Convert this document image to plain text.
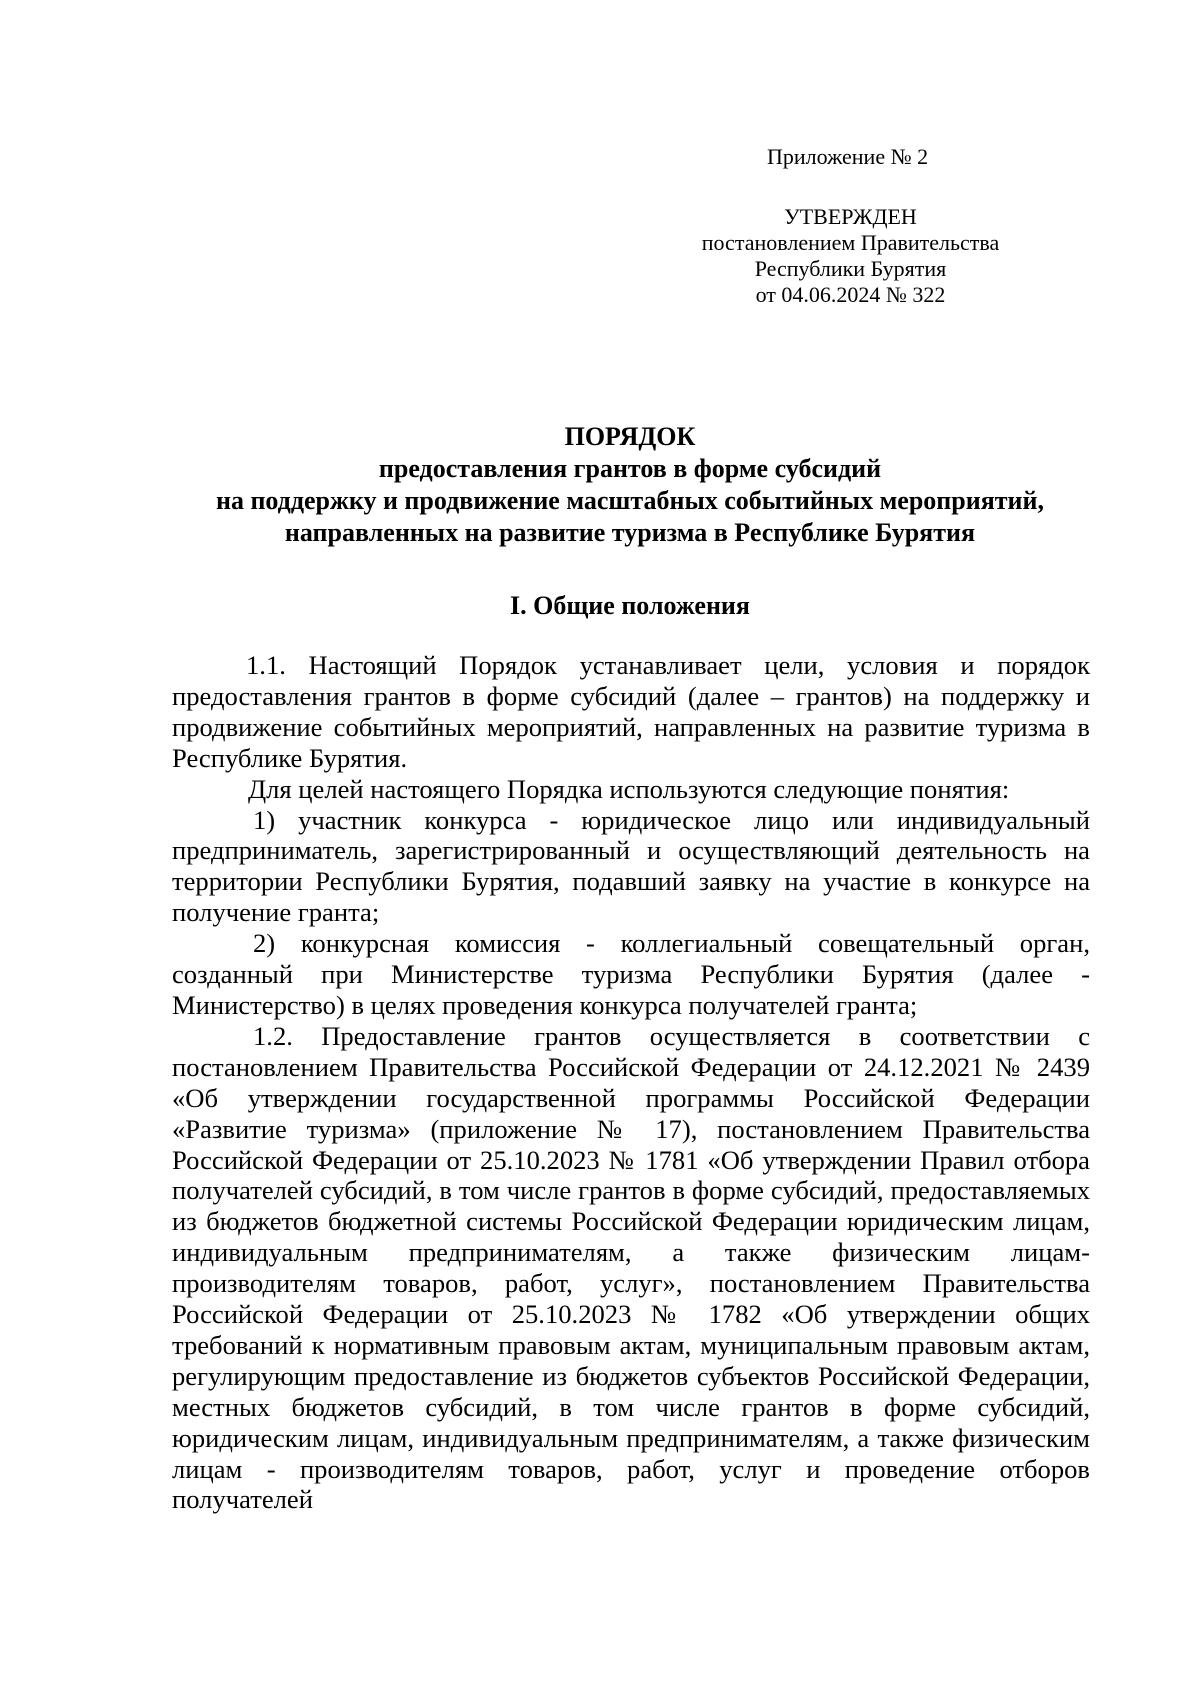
Приложение № 2
УТВЕРЖДЕН
постановлением Правительства
Республики Бурятия
от 04.06.2024 № 322
ПОРЯДОК
предоставления грантов в форме субсидий
на поддержку и продвижение масштабных событийных мероприятий,
направленных на развитие туризма в Республике Бурятия
I. Общие положения

1.1. Настоящий Порядок устанавливает цели, условия и порядок предоставления грантов в форме субсидий (далее – грантов) на поддержку и продвижение событийных мероприятий, направленных на развитие туризма в Республике Бурятия.

Для целей настоящего Порядка используются следующие понятия:

1) участник конкурса - юридическое лицо или индивидуальный предприниматель, зарегистрированный и осуществляющий деятельность на территории Республики Бурятия, подавший заявку на участие в конкурсе на получение гранта;

2) конкурсная комиссия - коллегиальный совещательный орган, созданный при Министерстве туризма Республики Бурятия (далее - Министерство) в целях проведения конкурса получателей гранта;

1.2. Предоставление грантов осуществляется в соответствии с постановлением Правительства Российской Федерации от 24.12.2021 № 2439 «Об утверждении государственной программы Российской Федерации «Развитие туризма» (приложение № 17), постановлением Правительства Российской Федерации от 25.10.2023 № 1781 «Об утверждении Правил отбора получателей субсидий, в том числе грантов в форме субсидий, предоставляемых из бюджетов бюджетной системы Российской Федерации юридическим лицам, индивидуальным предпринимателям, а также физическим лицам-производителям товаров, работ, услуг», постановлением Правительства Российской Федерации от 25.10.2023 № 1782 «Об утверждении общих требований к нормативным правовым актам, муниципальным правовым актам, регулирующим предоставление из бюджетов субъектов Российской Федерации, местных бюджетов субсидий, в том числе грантов в форме субсидий, юридическим лицам, индивидуальным предпринимателям, а также физическим лицам - производителям товаров, работ, услуг и проведение отборов получателей
